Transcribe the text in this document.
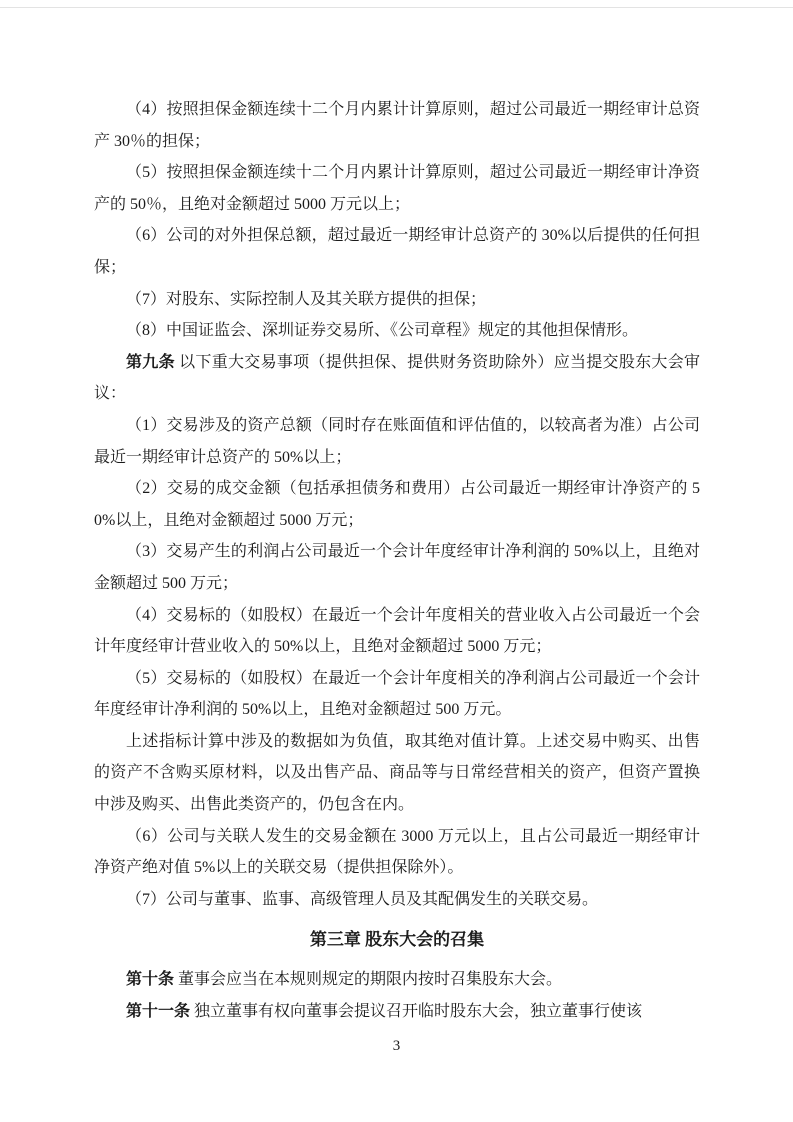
（4）按照担保金额连续十二个月内累计计算原则，超过公司最近一期经审计总资产 30％的担保；

（5）按照担保金额连续十二个月内累计计算原则，超过公司最近一期经审计净资产的 50％，且绝对金额超过 5000 万元以上；

（6）公司的对外担保总额，超过最近一期经审计总资产的 30%以后提供的任何担保；

（7）对股东、实际控制人及其关联方提供的担保；

（8）中国证监会、深圳证券交易所、《公司章程》规定的其他担保情形。

第九条 以下重大交易事项（提供担保、提供财务资助除外）应当提交股东大会审议：

（1）交易涉及的资产总额（同时存在账面值和评估值的，以较高者为准）占公司最近一期经审计总资产的 50%以上；

（2）交易的成交金额（包括承担债务和费用）占公司最近一期经审计净资产的 50%以上，且绝对金额超过 5000 万元；

（3）交易产生的利润占公司最近一个会计年度经审计净利润的 50%以上，且绝对金额超过 500 万元；

（4）交易标的（如股权）在最近一个会计年度相关的营业收入占公司最近一个会计年度经审计营业收入的 50%以上，且绝对金额超过 5000 万元；

（5）交易标的（如股权）在最近一个会计年度相关的净利润占公司最近一个会计年度经审计净利润的 50%以上，且绝对金额超过 500 万元。

上述指标计算中涉及的数据如为负值，取其绝对值计算。上述交易中购买、出售的资产不含购买原材料，以及出售产品、商品等与日常经营相关的资产，但资产置换中涉及购买、出售此类资产的，仍包含在内。

（6）公司与关联人发生的交易金额在 3000 万元以上，且占公司最近一期经审计净资产绝对值 5%以上的关联交易（提供担保除外）。

（7）公司与董事、监事、高级管理人员及其配偶发生的关联交易。

第三章 股东大会的召集

第十条 董事会应当在本规则规定的期限内按时召集股东大会。

第十一条 独立董事有权向董事会提议召开临时股东大会，独立董事行使该

3
